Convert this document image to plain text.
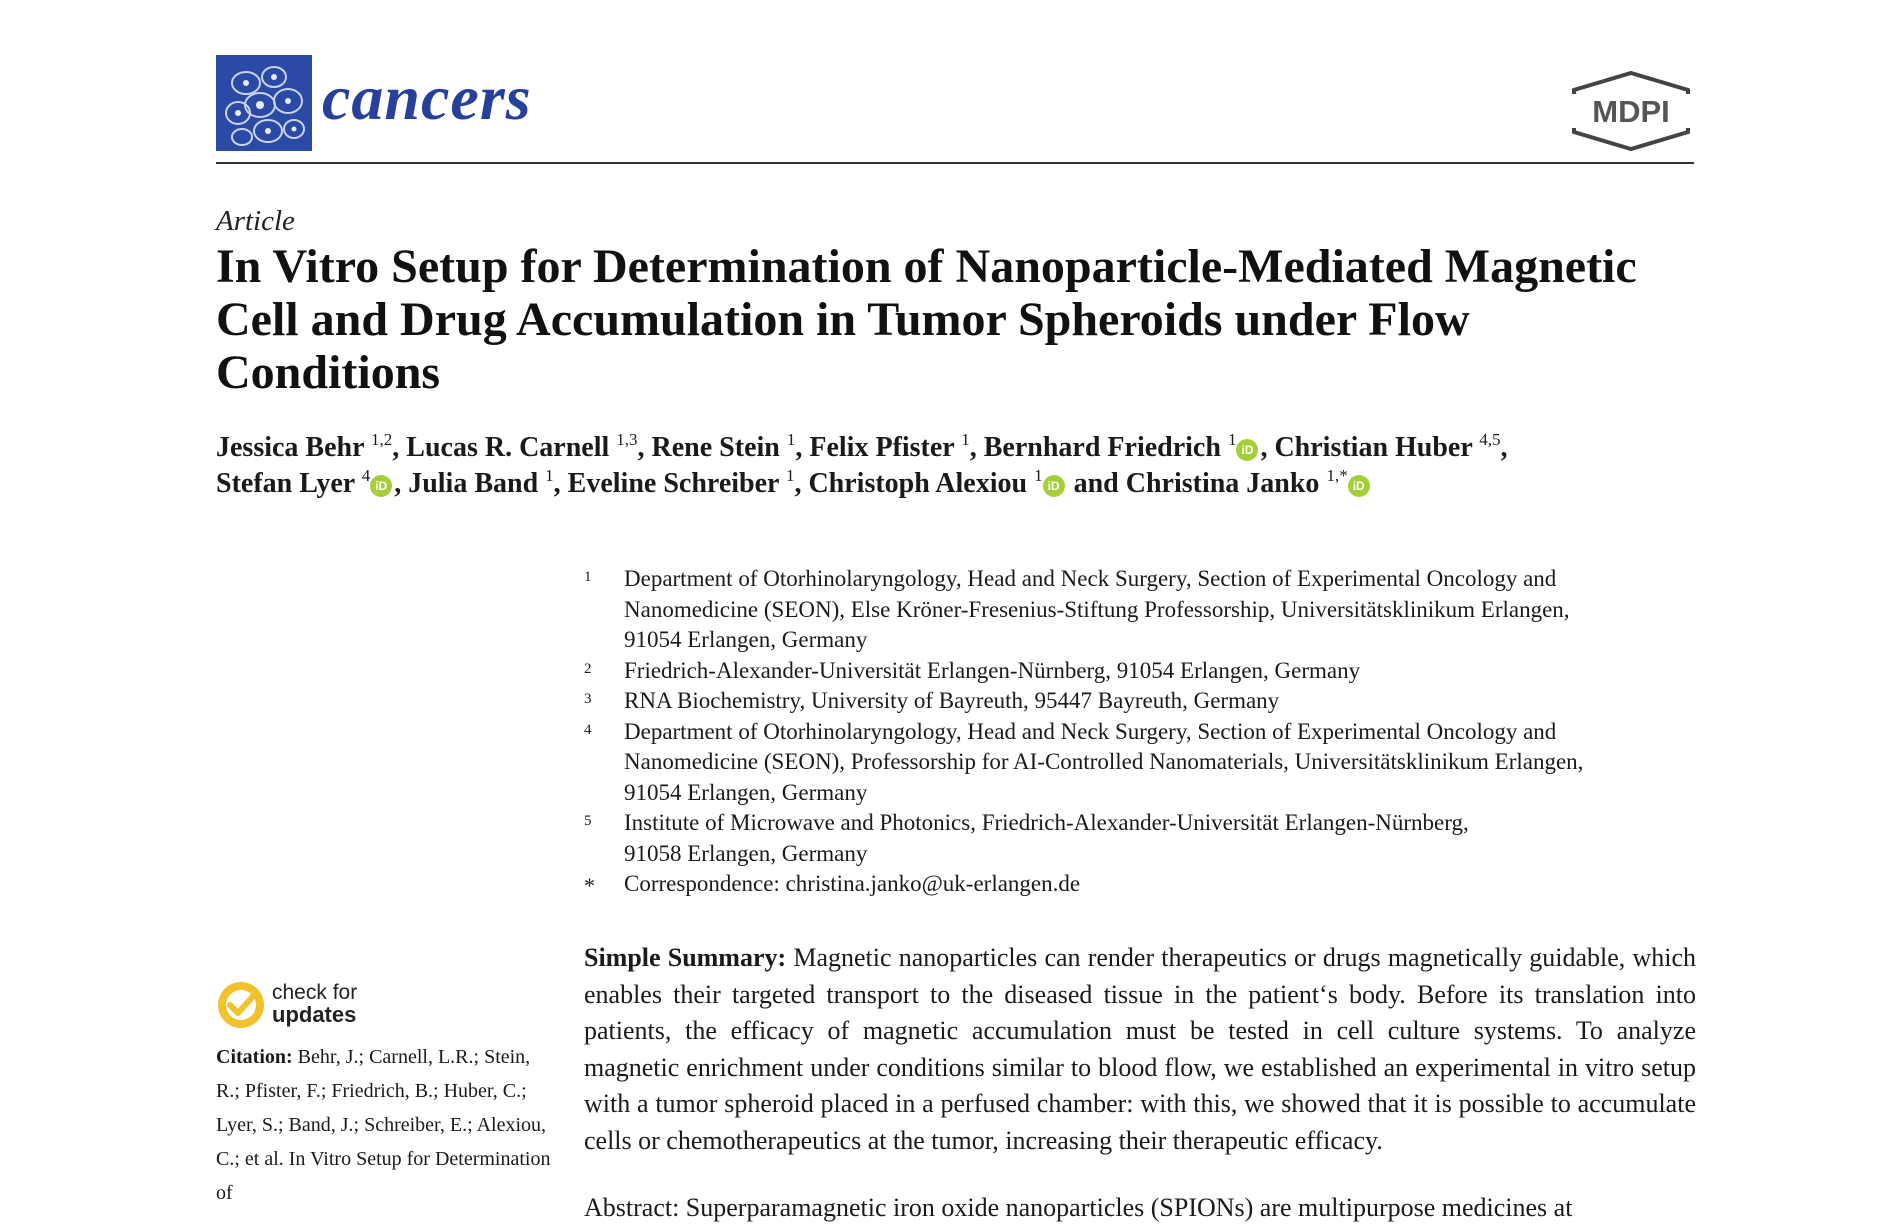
cancers	MDPI
Article
In Vitro Setup for Determination of Nanoparticle-Mediated Magnetic Cell and Drug Accumulation in Tumor Spheroids under Flow Conditions
Jessica Behr $^{1,2}$, Lucas R. Carnell $^{1,3}$, Rene Stein $^1$, Felix Pfister $^1$, Bernhard Friedrich $^1$iD , Christian Huber $^{4,5}$,
Stefan Lyer $^4$iD , Julia Band $^1$, Eveline Schreiber $^1$, Christoph Alexiou $^1$iD and Christina Janko $^{1,*}$iD
1 Department of Otorhinolaryngology, Head and Neck Surgery, Section of Experimental Oncology and
Nanomedicine (SEON), Else Kröner-Fresenius-Stiftung Professorship, Universitätsklinikum Erlangen,
91054 Erlangen, Germany
2 Friedrich-Alexander-Universität Erlangen-Nürnberg, 91054 Erlangen, Germany
3 RNA Biochemistry, University of Bayreuth, 95447 Bayreuth, Germany
4 Department of Otorhinolaryngology, Head and Neck Surgery, Section of Experimental Oncology and
Nanomedicine (SEON), Professorship for AI-Controlled Nanomaterials, Universitätsklinikum Erlangen,
91054 Erlangen, Germany
5 Institute of Microwave and Photonics, Friedrich-Alexander-Universität Erlangen-Nürnberg,
91058 Erlangen, Germany
* Correspondence: christina.janko@uk-erlangen.de
Simple Summary: Magnetic nanoparticles can render therapeutics or drugs magnetically guidable, which enables their targeted transport to the diseased tissue in the patient‘s body. Before its translation into patients, the efficacy of magnetic accumulation must be tested in cell culture systems. To analyze magnetic enrichment under conditions similar to blood flow, we established an experimental in vitro setup with a tumor spheroid placed in a perfused chamber: with this, we showed that it is possible to accumulate cells or chemotherapeutics at the tumor, increasing their therapeutic efficacy.
Abstract: Superparamagnetic iron oxide nanoparticles (SPIONs) are multipurpose medicines at
check for
updates
Citation: Behr, J.; Carnell, L.R.; Stein, R.; Pfister, F.; Friedrich, B.; Huber, C.; Lyer, S.; Band, J.; Schreiber, E.; Alexiou, C.; et al. In Vitro Setup for Determination of
